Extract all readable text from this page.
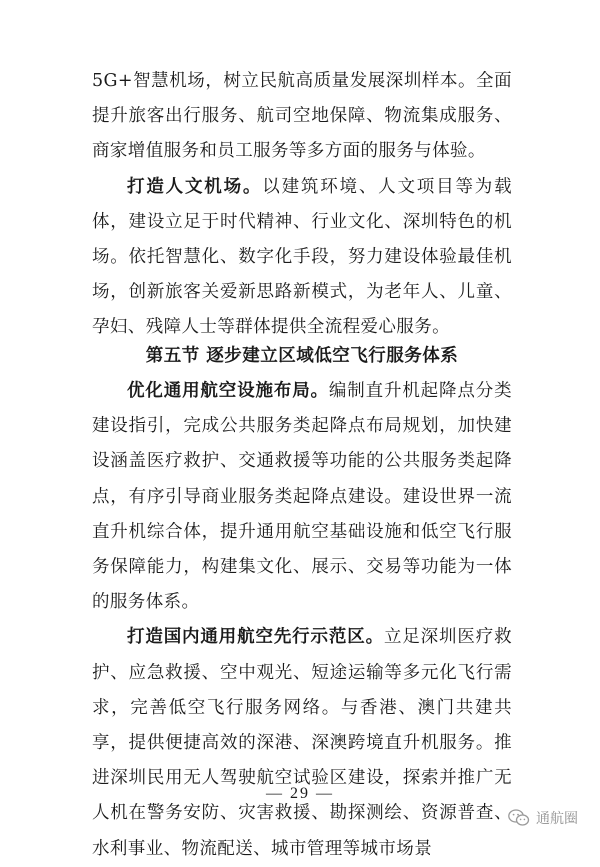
5G+智慧机场，树立民航高质量发展深圳样本。全面提升旅客出行服务、航司空地保障、物流集成服务、商家增值服务和员工服务等多方面的服务与体验。

打造人文机场。以建筑环境、人文项目等为载体，建设立足于时代精神、行业文化、深圳特色的机场。依托智慧化、数字化手段，努力建设体验最佳机场，创新旅客关爱新思路新模式，为老年人、儿童、孕妇、残障人士等群体提供全流程爱心服务。

第五节 逐步建立区域低空飞行服务体系

优化通用航空设施布局。编制直升机起降点分类建设指引，完成公共服务类起降点布局规划，加快建设涵盖医疗救护、交通救援等功能的公共服务类起降点，有序引导商业服务类起降点建设。建设世界一流直升机综合体，提升通用航空基础设施和低空飞行服务保障能力，构建集文化、展示、交易等功能为一体的服务体系。

打造国内通用航空先行示范区。立足深圳医疗救护、应急救援、空中观光、短途运输等多元化飞行需求，完善低空飞行服务网络。与香港、澳门共建共享，提供便捷高效的深港、深澳跨境直升机服务。推进深圳民用无人驾驶航空试验区建设，探索并推广无人机在警务安防、灾害救援、勘探测绘、资源普查、水利事业、物流配送、城市管理等城市场景

— 29 —
通航圈
